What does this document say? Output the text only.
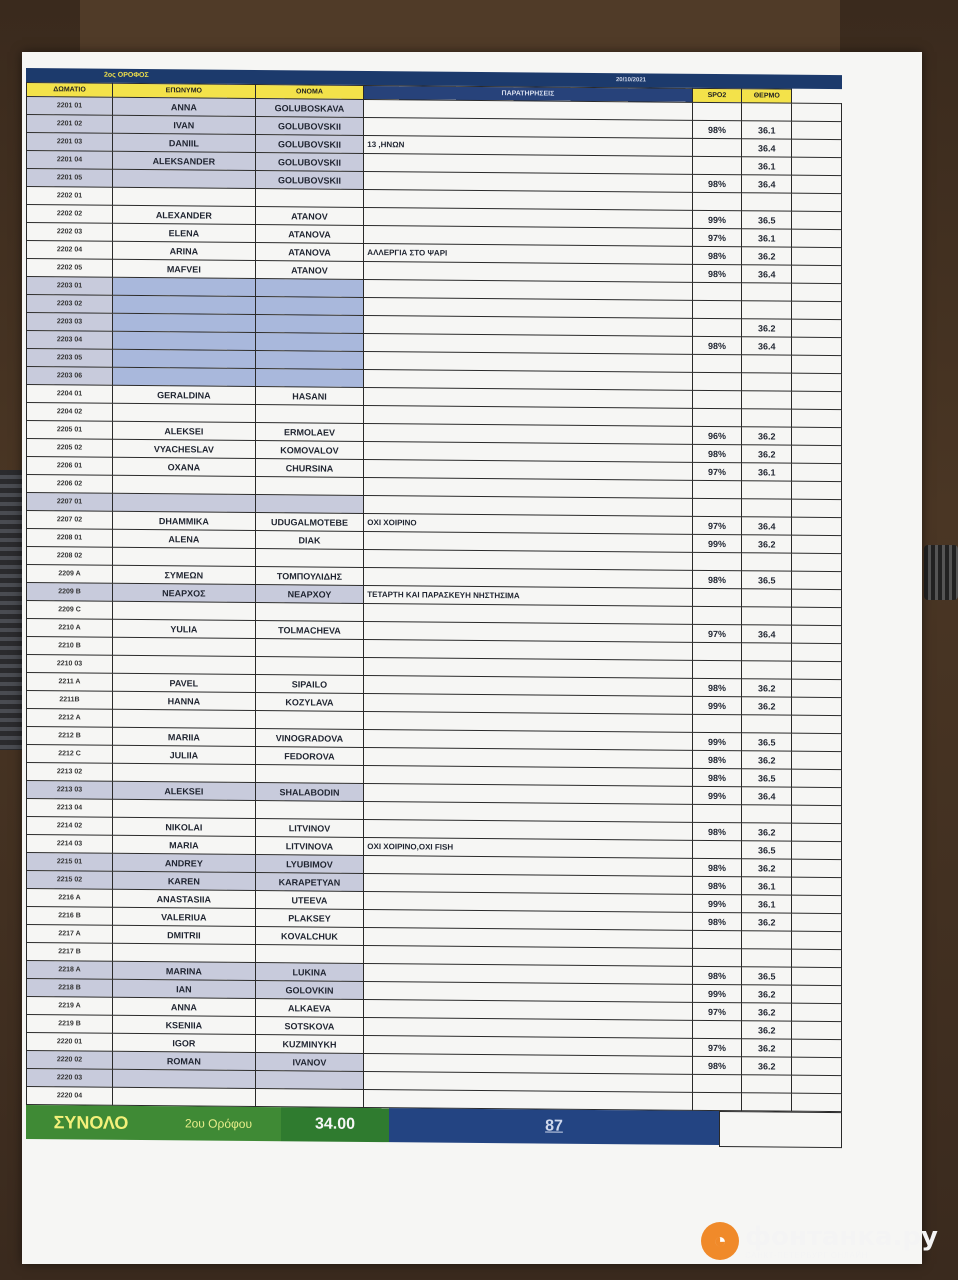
2ος ΟΡΟΦΟΣ
20/10/2021
ΔΩΜΑΤΙΟ	ΕΠΩΝΥΜΟ	ΟΝΟΜΑ	ΠΑΡΑΤΗΡΗΣΕΙΣ	SPO2	ΘΕΡΜΟ	
2201 01	ANNA	GOLUBOSKAVA				
2201 02	IVAN	GOLUBOVSKII		98%	36.1	
2201 03	DANIIL	GOLUBOVSKII	13 ,ΗΝΩΝ		36.4	
2201 04	ALEKSANDER	GOLUBOVSKII			36.1	
2201 05		GOLUBOVSKII		98%	36.4	
2202 01						
2202 02	ALEXANDER	ATANOV		99%	36.5	
2202 03	ELENA	ATANOVA		97%	36.1	
2202 04	ARINA	ATANOVA	ΑΛΛΕΡΓΙΑ ΣΤΟ ΨΑΡΙ	98%	36.2	
2202 05	MAFVEI	ATANOV		98%	36.4	
2203 01						
2203 02						
2203 03					36.2	
2203 04				98%	36.4	
2203 05						
2203 06						
2204 01	GERALDINA	HASANI				
2204 02						
2205 01	ALEKSEI	ERMOLAEV		96%	36.2	
2205 02	VYACHESLAV	KOMOVALOV		98%	36.2	
2206 01	OXANA	CHURSINA		97%	36.1	
2206 02						
2207 01						
2207 02	DHAMMIKA	UDUGALMOTEBE	ΟΧΙ ΧΟΙΡΙΝΟ	97%	36.4	
2208 01	ALENA	DIAK		99%	36.2	
2208 02						
2209 A	ΣΥΜΕΩΝ	ΤΟΜΠΟΥΛΙΔΗΣ		98%	36.5	
2209 B	ΝΕΑΡΧΟΣ	ΝΕΑΡΧΟΥ	ΤΕΤΑΡΤΗ ΚΑΙ ΠΑΡΑΣΚΕΥΗ ΝΗΣΤΗΣΙΜΑ			
2209 C						
2210 A	YULIA	TOLMACHEVA		97%	36.4	
2210 B						
2210 03						
2211 A	PAVEL	SIPAILO		98%	36.2	
2211B	HANNA	KOZYLAVA		99%	36.2	
2212 A						
2212 B	MARIIA	VINOGRADOVA		99%	36.5	
2212 C	JULIIA	FEDOROVA		98%	36.2	
2213 02				98%	36.5	
2213 03	ALEKSEI	SHALABODIN		99%	36.4	
2213 04						
2214 02	NIKOLAI	LITVINOV		98%	36.2	
2214 03	MARIA	LITVINOVA	ΟΧΙ ΧΟΙΡΙΝΟ,ΟΧΙ FISH		36.5	
2215 01	ANDREY	LYUBIMOV		98%	36.2	
2215 02	KAREN	KARAPETYAN		98%	36.1	
2216 A	ANASTASIIA	UTEEVA		99%	36.1	
2216 B	VALERIUA	PLAKSEY		98%	36.2	
2217 A	DMITRII	KOVALCHUK				
2217 B						
2218 A	MARINA	LUKINA		98%	36.5	
2218 B	IAN	GOLOVKIN		99%	36.2	
2219 A	ANNA	ALKAEVA		97%	36.2	
2219 B	KSENIIA	SOTSKOVA			36.2	
2220 01	IGOR	KUZMINYKH		97%	36.2	
2220 02	ROMAN	IVANOV		98%	36.2	
2220 03						
2220 04						
ΣΥΝΟΛΟ	2ου Ορόφου	34.00	87
◔ фонтанка.ру
САНКТ-ПЕТЕРБУРГ ОНЛАЙН
